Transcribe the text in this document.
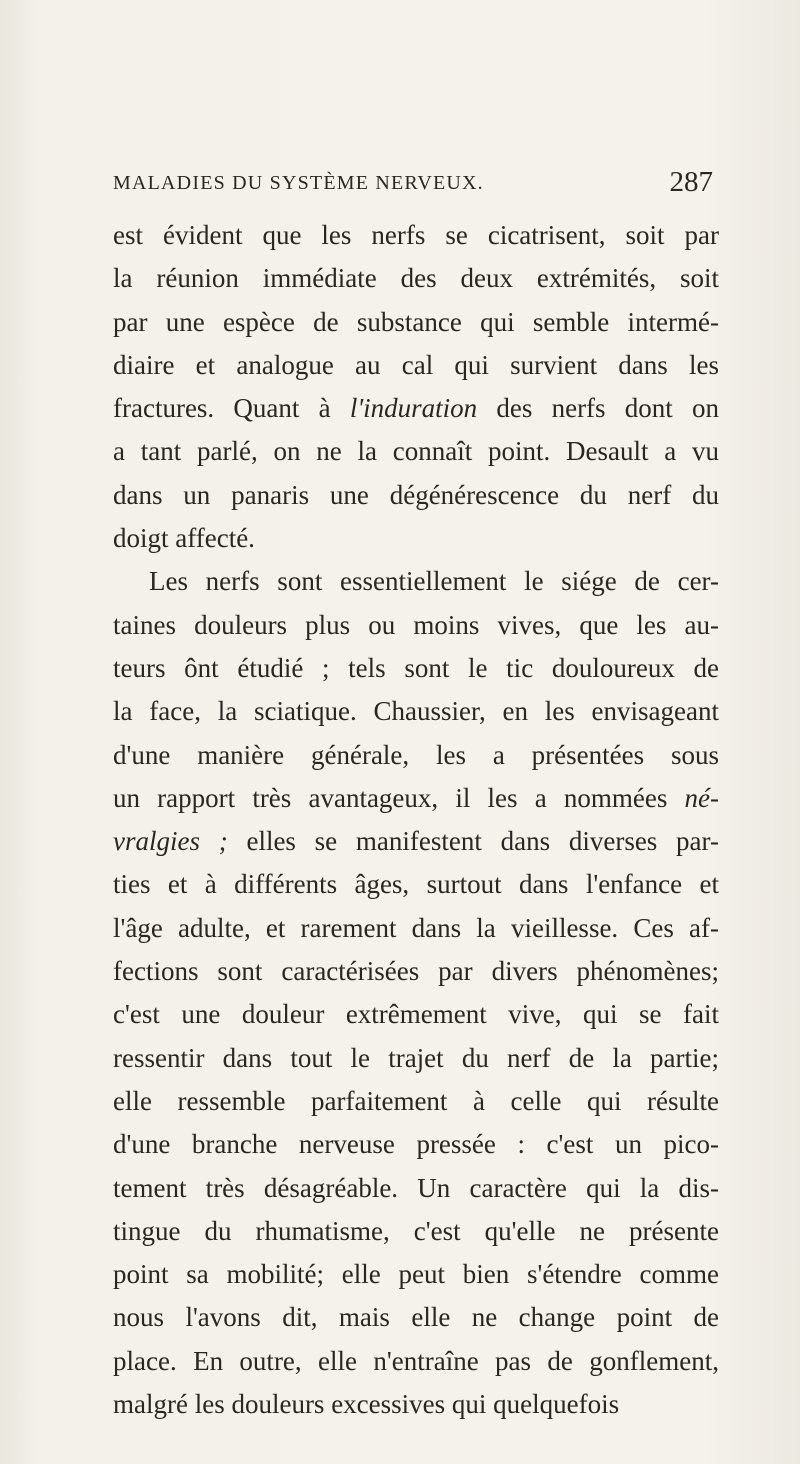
MALADIES DU SYSTÈME NERVEUX.	287
est évident que les nerfs se cicatrisent, soit par
la réunion immédiate des deux extrémités, soit
par une espèce de substance qui semble intermé-
diaire et analogue au cal qui survient dans les
fractures. Quant à l'induration des nerfs dont on
a tant parlé, on ne la connaît point. Desault a vu
dans un panaris une dégénérescence du nerf du
doigt affecté.
Les nerfs sont essentiellement le siége de cer-
taines douleurs plus ou moins vives, que les au-
teurs ônt étudié ; tels sont le tic douloureux de
la face, la sciatique. Chaussier, en les envisageant
d'une manière générale, les a présentées sous
un rapport très avantageux, il les a nommées né-
vralgies ; elles se manifestent dans diverses par-
ties et à différents âges, surtout dans l'enfance et
l'âge adulte, et rarement dans la vieillesse. Ces af-
fections sont caractérisées par divers phénomènes;
c'est une douleur extrêmement vive, qui se fait
ressentir dans tout le trajet du nerf de la partie;
elle ressemble parfaitement à celle qui résulte
d'une branche nerveuse pressée : c'est un pico-
tement très désagréable. Un caractère qui la dis-
tingue du rhumatisme, c'est qu'elle ne présente
point sa mobilité; elle peut bien s'étendre comme
nous l'avons dit, mais elle ne change point de
place. En outre, elle n'entraîne pas de gonflement,
malgré les douleurs excessives qui quelquefois
